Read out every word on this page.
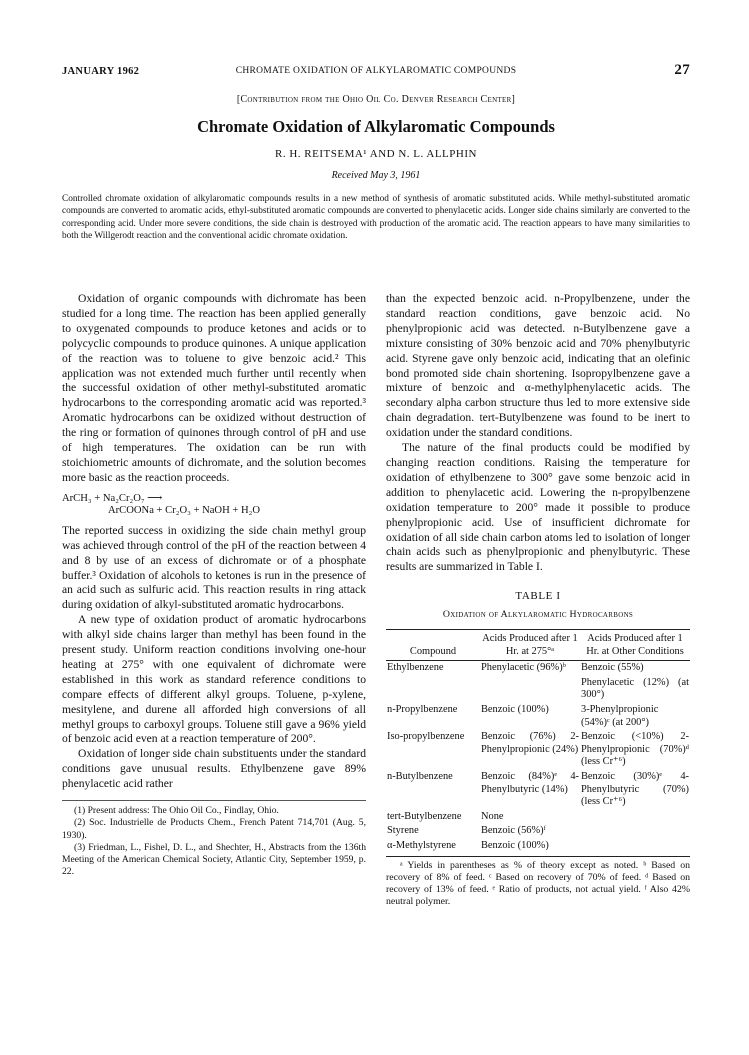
JANUARY 1962	CHROMATE OXIDATION OF ALKYLAROMATIC COMPOUNDS	27
[Contribution from the Ohio Oil Co. Denver Research Center]
Chromate Oxidation of Alkylaromatic Compounds
R. H. REITSEMA¹ AND N. L. ALLPHIN
Received May 3, 1961
Controlled chromate oxidation of alkylaromatic compounds results in a new method of synthesis of aromatic substituted acids. While methyl-substituted aromatic compounds are converted to aromatic acids, ethyl-substituted aromatic compounds are converted to phenylacetic acids. Longer side chains similarly are converted to the corresponding acid. Under more severe conditions, the side chain is destroyed with production of the aromatic acid. The reaction appears to have many similarities to both the Willgerodt reaction and the conventional acidic chromate oxidation.

Oxidation of organic compounds with dichromate has been studied for a long time. The reaction has been applied generally to oxygenated compounds to produce ketones and acids or to polycyclic compounds to produce quinones. A unique application of the reaction was to toluene to give benzoic acid.² This application was not extended much further until recently when the successful oxidation of other methyl-substituted aromatic hydrocarbons to the corresponding aromatic acid was reported.³ Aromatic hydrocarbons can be oxidized without destruction of the ring or formation of quinones through control of pH and use of high temperatures. The oxidation can be run with stoichiometric amounts of dichromate, and the solution becomes more basic as the reaction proceeds.

ArCH₃ + Na₂Cr₂O₇ ⟶
ArCOONa + Cr₂O₃ + NaOH + H₂O

The reported success in oxidizing the side chain methyl group was achieved through control of the pH of the reaction between 4 and 8 by use of an excess of dichromate or of a phosphate buffer.³ Oxidation of alcohols to ketones is run in the presence of an acid such as sulfuric acid. This reaction results in ring attack during oxidation of alkyl-substituted aromatic hydrocarbons.

A new type of oxidation product of aromatic hydrocarbons with alkyl side chains larger than methyl has been found in the present study. Uniform reaction conditions involving one-hour heating at 275° with one equivalent of dichromate were established in this work as standard reference conditions to compare effects of different alkyl groups. Toluene, p-xylene, mesitylene, and durene all afforded high conversions of all methyl groups to carboxyl groups. Toluene still gave a 96% yield of benzoic acid even at a reaction temperature of 200°.

Oxidation of longer side chain substituents under the standard conditions gave unusual results. Ethylbenzene gave 89% phenylacetic acid rather

(1) Present address: The Ohio Oil Co., Findlay, Ohio.
(2) Soc. Industrielle de Products Chem., French Patent 714,701 (Aug. 5, 1930).
(3) Friedman, L., Fishel, D. L., and Shechter, H., Abstracts from the 136th Meeting of the American Chemical Society, Atlantic City, September 1959, p. 22.

than the expected benzoic acid. n-Propylbenzene, under the standard reaction conditions, gave benzoic acid. No phenylpropionic acid was detected. n-Butylbenzene gave a mixture consisting of 30% benzoic acid and 70% phenylbutyric acid. Styrene gave only benzoic acid, indicating that an olefinic bond promoted side chain shortening. Isopropylbenzene gave a mixture of benzoic and α-methylphenylacetic acids. The secondary alpha carbon structure thus led to more extensive side chain degradation. tert-Butylbenzene was found to be inert to oxidation under the standard conditions.

The nature of the final products could be modified by changing reaction conditions. Raising the temperature for oxidation of ethylbenzene to 300° gave some benzoic acid in addition to phenylacetic acid. Lowering the n-propylbenzene oxidation temperature to 200° made it possible to produce phenylpropionic acid. Use of insufficient dichromate for oxidation of all side chain carbon atoms led to isolation of longer chain acids such as phenylpropionic and phenylbutyric. These results are summarized in Table I.

TABLE I
Oxidation of Alkylaromatic Hydrocarbons
Compound	Acids Produced after 1 Hr. at 275°ᵃ	Acids Produced after 1 Hr. at Other Conditions
Ethylbenzene	Phenylacetic (96%)ᵇ	Benzoic (55%)
		Phenylacetic (12%) (at 300°)
n-Propylbenzene	Benzoic (100%)	3-Phenylpropionic (54%)ᶜ (at 200°)
Iso-propylbenzene	Benzoic (76%) 2-Phenylpropionic (24%)	Benzoic (<10%) 2-Phenylpropionic (70%)ᵈ (less Cr⁺⁶)
n-Butylbenzene	Benzoic (84%)ᵉ 4-Phenylbutyric (14%)	Benzoic (30%)ᵉ 4-Phenylbutyric (70%) (less Cr⁺⁶)
tert-Butylbenzene	None	
Styrene	Benzoic (56%)ᶠ	
α-Methylstyrene	Benzoic (100%)	
ᵃ Yields in parentheses as % of theory except as noted. ᵇ Based on recovery of 8% of feed. ᶜ Based on recovery of 70% of feed. ᵈ Based on recovery of 13% of feed. ᵉ Ratio of products, not actual yield. ᶠ Also 42% neutral polymer.
